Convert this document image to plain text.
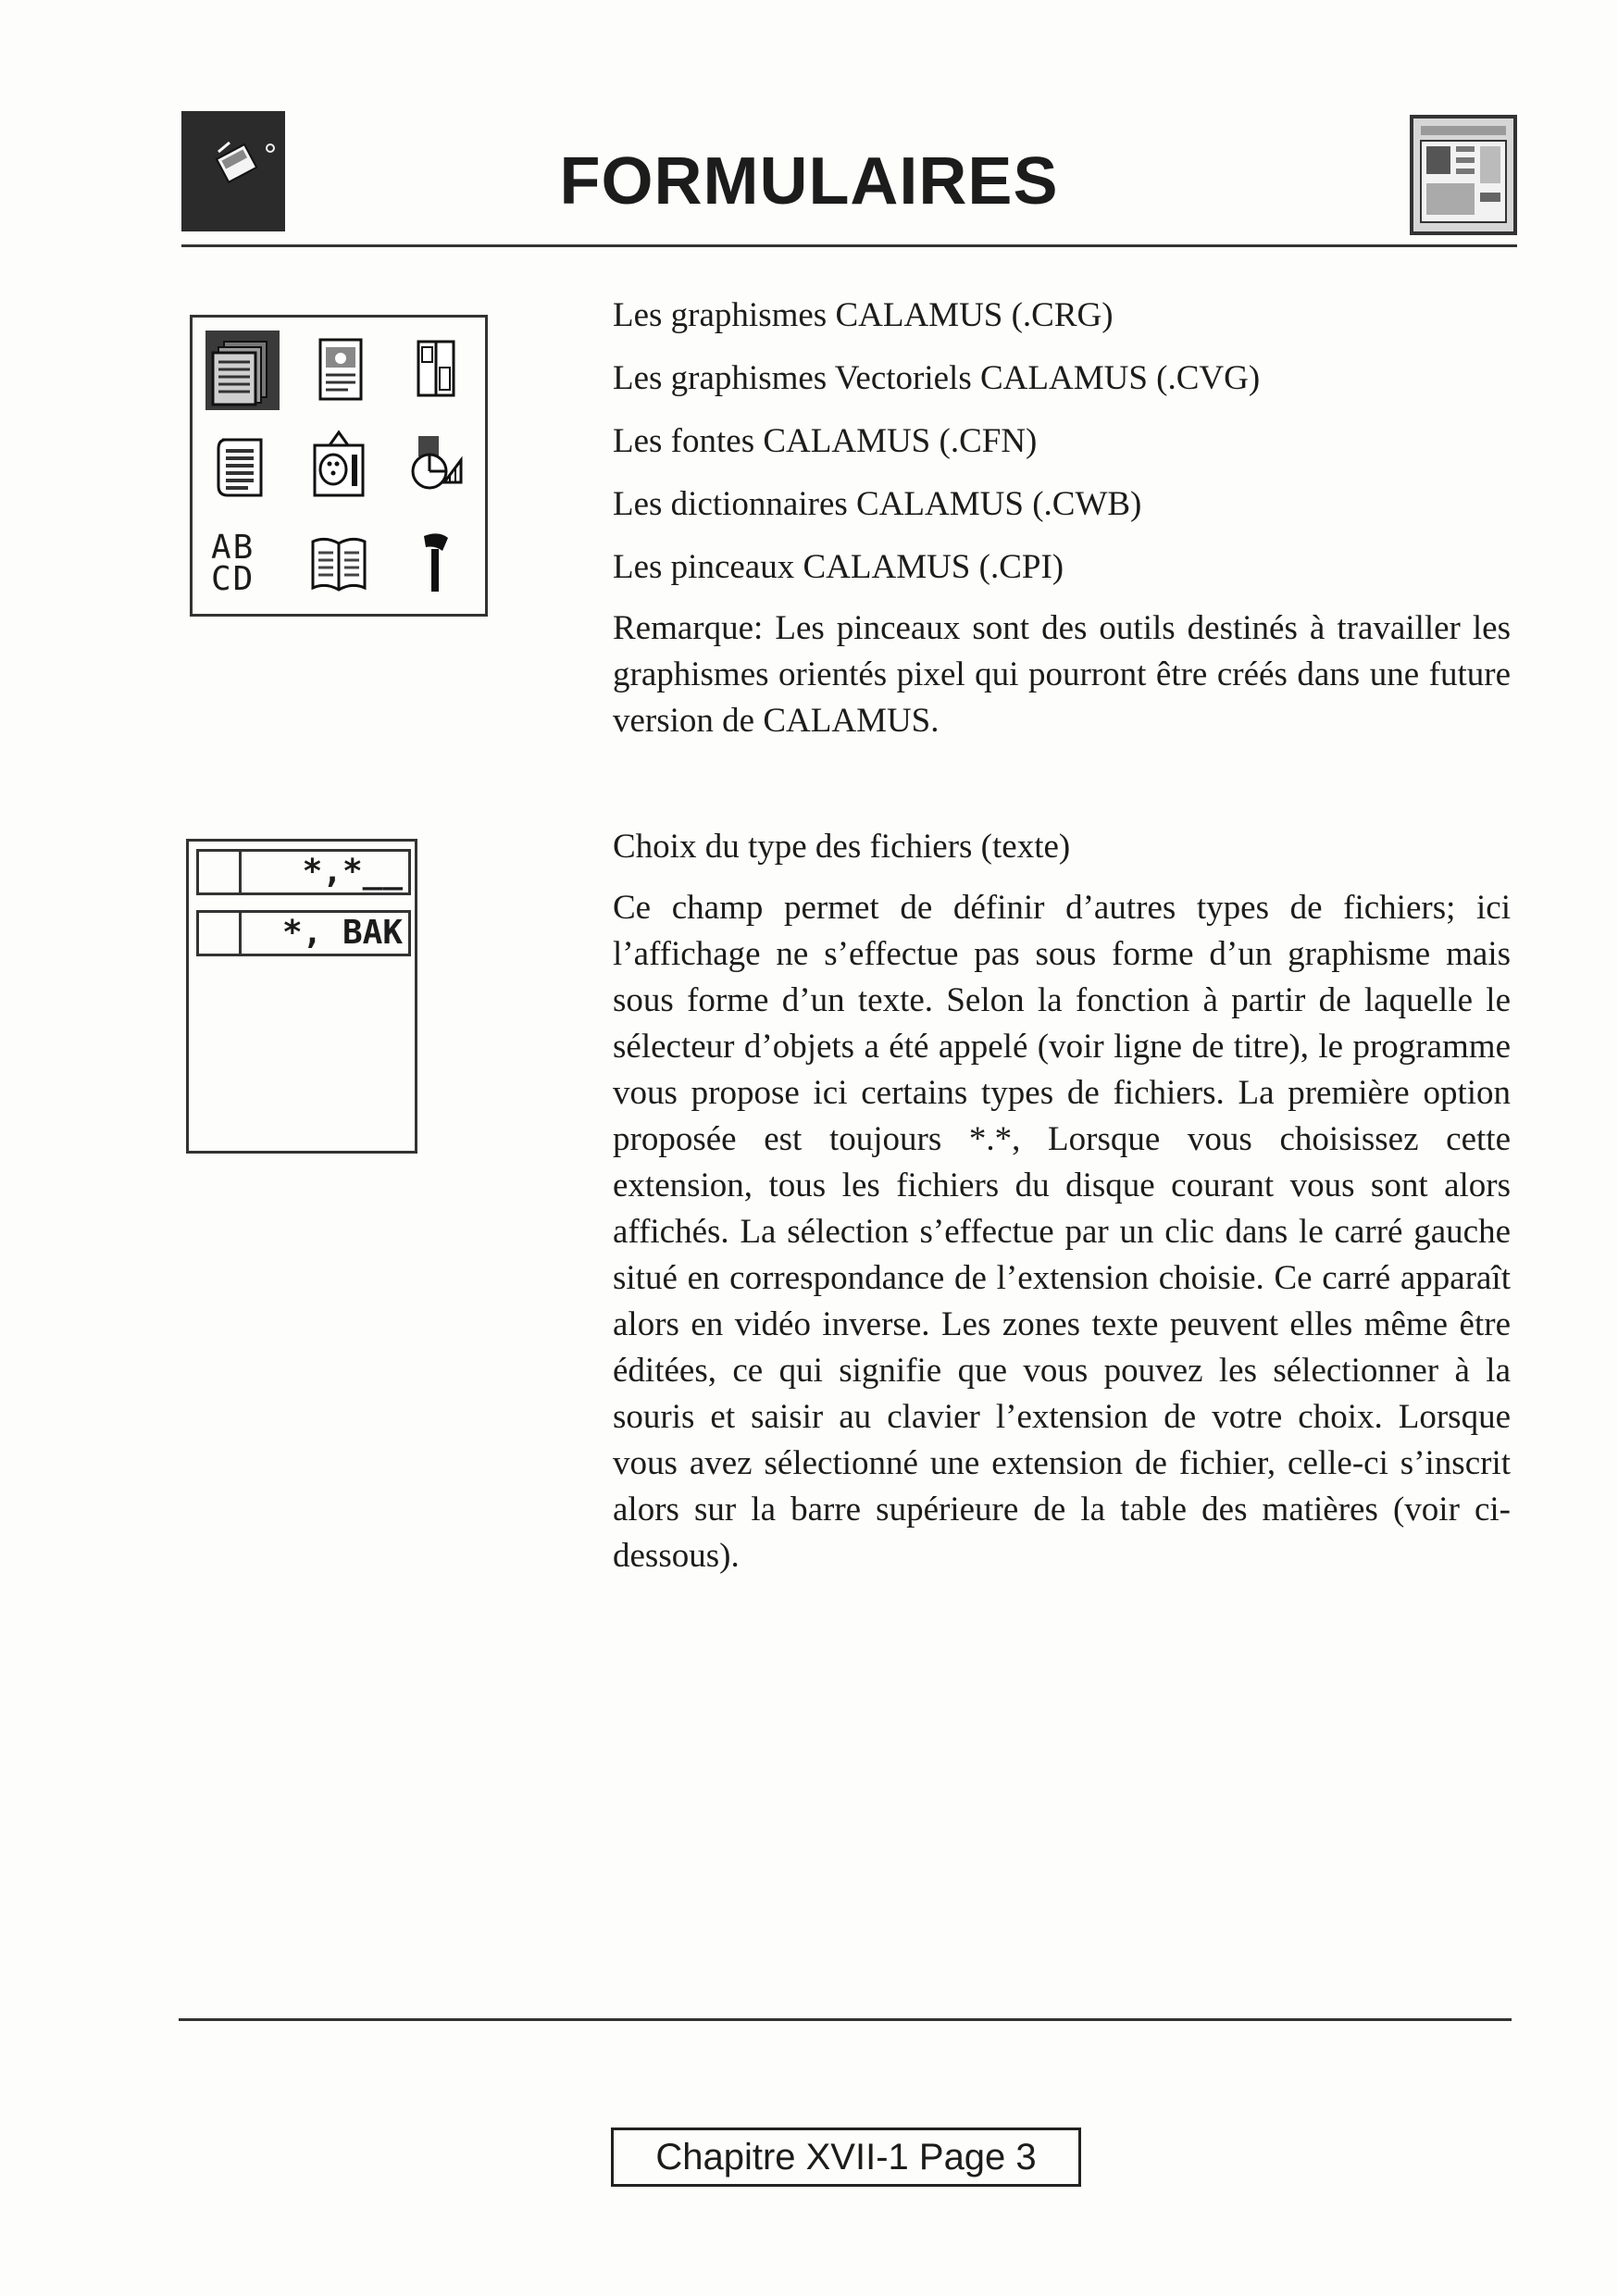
FORMULAIRES
AB
CD
Les graphismes CALAMUS (.CRG)
Les graphismes Vectoriels CALAMUS (.CVG)
Les fontes CALAMUS (.CFN)
Les dictionnaires CALAMUS (.CWB)
Les pinceaux CALAMUS (.CPI)
Remarque: Les pinceaux sont des outils destinés à travailler les graphismes orientés pixel qui pourront être créés dans une future version de CALAMUS.
*,*__
*, BAK
Choix du type des fichiers (texte)
Ce champ permet de définir d’autres types de fichiers; ici l’affichage ne s’effectue pas sous forme d’un graphisme mais sous forme d’un texte. Selon la fonction à partir de laquelle le sélecteur d’objets a été appelé (voir ligne de titre), le programme vous propose ici certains types de fichiers. La première option proposée est toujours *.*, Lorsque vous choisissez cette extension, tous les fichiers du disque courant vous sont alors affichés. La sélection s’effectue par un clic dans le carré gauche situé en correspondance de l’extension choisie. Ce carré apparaît alors en vidéo inverse. Les zones texte peuvent elles même être éditées, ce qui signifie que vous pouvez les sélectionner à la souris et saisir au clavier l’extension de votre choix. Lorsque vous avez sélectionné une extension de fichier, celle-ci s’inscrit alors sur la barre supérieure de la table des matières (voir ci-dessous).
Chapitre XVII-1 Page 3
